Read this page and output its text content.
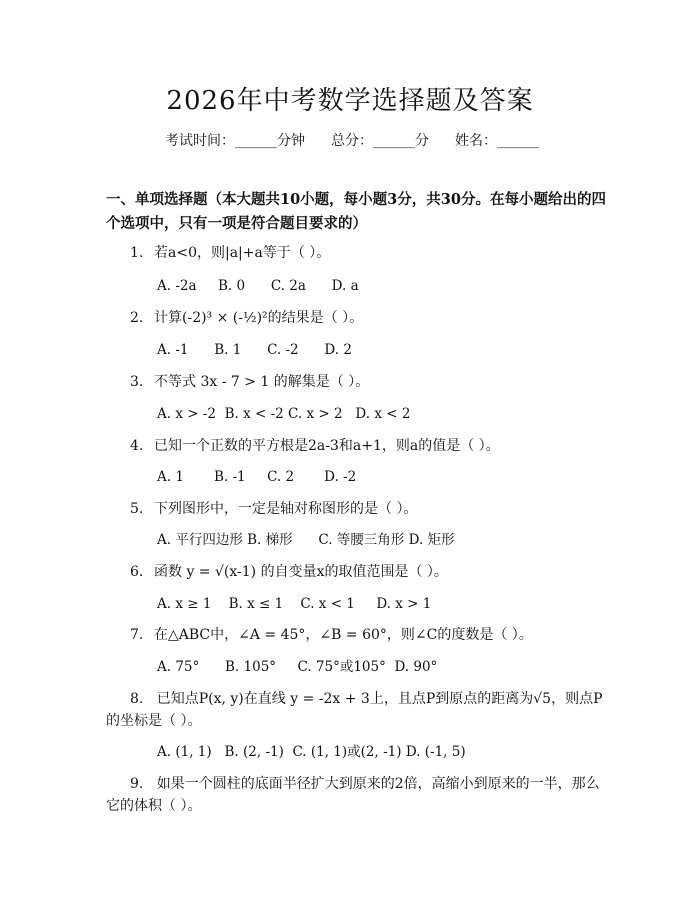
2026年中考数学选择题及答案
考试时间：______分钟 总分：______分 姓名：______
一、单项选择题（本大题共10小题，每小题3分，共30分。在每小题给出的四个选项中，只有一项是符合题目要求的）
1. 若a<0，则|a|+a等于（ ）。
A. -2a     B. 0      C. 2a      D. a
2. 计算(-2)³ × (-½)²的结果是（ ）。
A. -1      B. 1      C. -2      D. 2
3. 不等式 3x - 7 > 1 的解集是（ ）。
A. x > -2  B. x < -2 C. x > 2   D. x < 2
4. 已知一个正数的平方根是2a-3和a+1，则a的值是（ ）。
A. 1       B. -1     C. 2       D. -2
5. 下列图形中，一定是轴对称图形的是（ ）。
A. 平行四边形 B. 梯形      C. 等腰三角形 D. 矩形
6. 函数 y = √(x-1) 的自变量x的取值范围是（ ）。
A. x ≥ 1    B. x ≤ 1    C. x < 1     D. x > 1
7. 在△ABC中，∠A = 45°，∠B = 60°，则∠C的度数是（ ）。
A. 75°      B. 105°     C. 75°或105°  D. 90°
8. 已知点P(x, y)在直线 y = -2x + 3上，且点P到原点的距离为√5，则点P的坐标是（ ）。
A. (1, 1)   B. (2, -1)  C. (1, 1)或(2, -1) D. (-1, 5)
9. 如果一个圆柱的底面半径扩大到原来的2倍，高缩小到原来的一半，那么它的体积（ ）。
